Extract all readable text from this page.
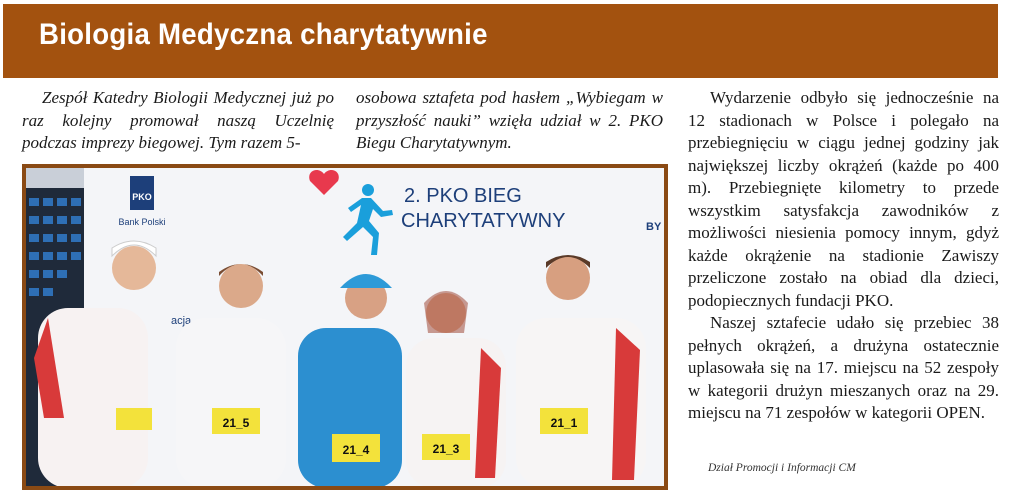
Biologia Medyczna charytatywnie

Zespół Katedry Biologii Medycznej już po raz kolejny promował naszą Uczelnię podczas imprezy biegowej. Tym razem 5-

osobowa sztafeta pod hasłem „Wybiegam w przyszłość nauki” wzięła udział w 2. PKO Biegu Charytatywnym.

Wydarzenie odbyło się jednocześnie na 12 stadionach w Polsce i polegało na przebiegnięciu w ciągu jednej godziny jak największej liczby okrążeń (każde po 400 m). Przebiegnięte kilometry to przede wszystkim satysfakcja zawodników z możliwości niesienia pomocy innym, gdyż każde okrążenie na stadionie Zawiszy przeliczone zostało na obiad dla dzieci, podopiecznych fundacji PKO.

Naszej sztafecie udało się przebiec 38 pełnych okrążeń, a drużyna ostatecznie uplasowała się na 17. miejscu na 52 zespoły w kategorii drużyn mieszanych oraz na 29. miejscu na 71 zespołów w kategorii OPEN.

Dział Promocji i Informacji CM
PKO
Bank Polski
2. PKO BIEG
CHARYTATYWNY
acja
BY
21_5
21_4	21_3
21_1
